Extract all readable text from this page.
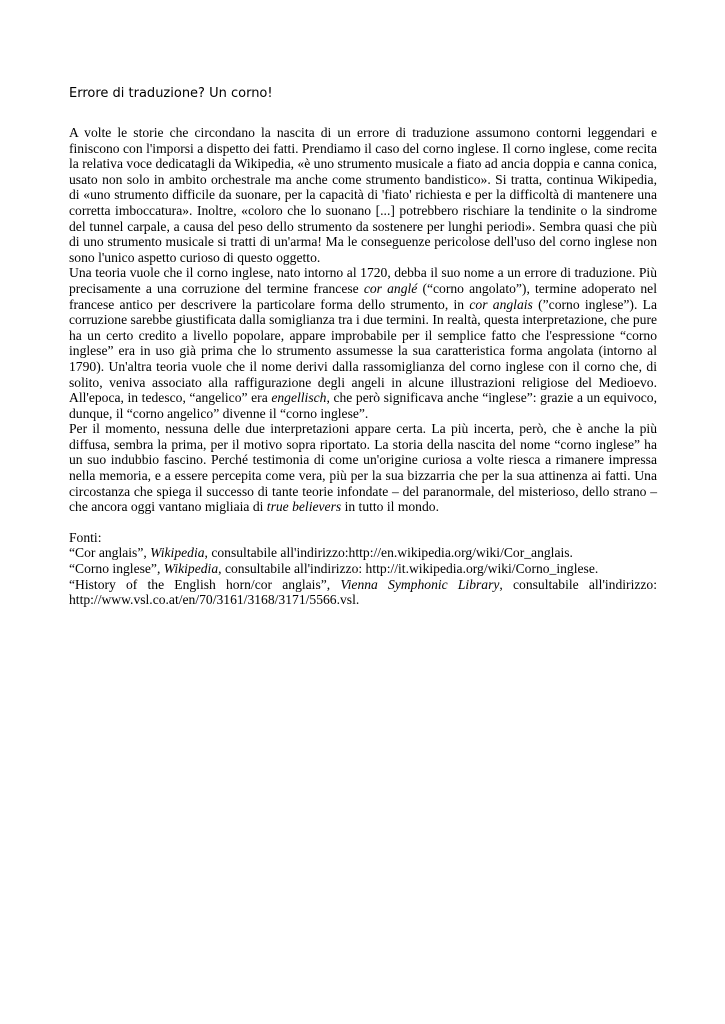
Errore di traduzione? Un corno!

A volte le storie che circondano la nascita di un errore di traduzione assumono contorni leggendari e finiscono con l'imporsi a dispetto dei fatti. Prendiamo il caso del corno inglese. Il corno inglese, come recita la relativa voce dedicatagli da Wikipedia, «è uno strumento musicale a fiato ad ancia doppia e canna conica, usato non solo in ambito orchestrale ma anche come strumento bandistico». Si tratta, continua Wikipedia, di «uno strumento difficile da suonare, per la capacità di 'fiato' richiesta e per la difficoltà di mantenere una corretta imboccatura». Inoltre, «coloro che lo suonano [...] potrebbero rischiare la tendinite o la sindrome del tunnel carpale, a causa del peso dello strumento da sostenere per lunghi periodi». Sembra quasi che più di uno strumento musicale si tratti di un'arma! Ma le conseguenze pericolose dell'uso del corno inglese non sono l'unico aspetto curioso di questo oggetto.

Una teoria vuole che il corno inglese, nato intorno al 1720, debba il suo nome a un errore di traduzione. Più precisamente a una corruzione del termine francese cor anglé (“corno angolato”), termine adoperato nel francese antico per descrivere la particolare forma dello strumento, in cor anglais (”corno inglese”). La corruzione sarebbe giustificata dalla somiglianza tra i due termini. In realtà, questa interpretazione, che pure ha un certo credito a livello popolare, appare improbabile per il semplice fatto che l'espressione “corno inglese” era in uso già prima che lo strumento assumesse la sua caratteristica forma angolata (intorno al 1790). Un'altra teoria vuole che il nome derivi dalla rassomiglianza del corno inglese con il corno che, di solito, veniva associato alla raffigurazione degli angeli in alcune illustrazioni religiose del Medioevo. All'epoca, in tedesco, “angelico” era engellisch, che però significava anche “inglese”: grazie a un equivoco, dunque, il “corno angelico” divenne il “corno inglese”.

Per il momento, nessuna delle due interpretazioni appare certa. La più incerta, però, che è anche la più diffusa, sembra la prima, per il motivo sopra riportato. La storia della nascita del nome “corno inglese” ha un suo indubbio fascino. Perché testimonia di come un'origine curiosa a volte riesca a rimanere impressa nella memoria, e a essere percepita come vera, più per la sua bizzarria che per la sua attinenza ai fatti. Una circostanza che spiega il successo di tante teorie infondate – del paranormale, del misterioso, dello strano – che ancora oggi vantano migliaia di true believers in tutto il mondo.

Fonti:

“Cor anglais”, Wikipedia, consultabile all'indirizzo:http://en.wikipedia.org/wiki/Cor_anglais.

“Corno inglese”, Wikipedia, consultabile all'indirizzo: http://it.wikipedia.org/wiki/Corno_inglese.

“History of the English horn/cor anglais”, Vienna Symphonic Library, consultabile all'indirizzo: http://www.vsl.co.at/en/70/3161/3168/3171/5566.vsl.
